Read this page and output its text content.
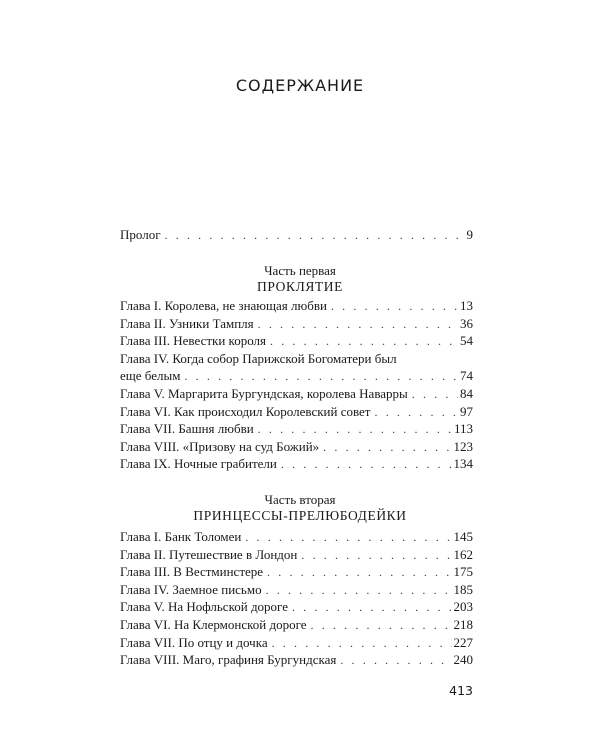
СОДЕРЖАНИЕ
Пролог . . .	9
Часть первая
ПРОКЛЯТИЕ
Глава I. Королева, не знающая любви . . .	13
Глава II. Узники Тампля . . .	36
Глава III. Невестки короля . . .	54
Глава IV. Когда собор Парижской Богоматери был
еще белым . . .	74
Глава V. Маргарита Бургундская, королева Наварры . . .	84
Глава VI. Как происходил Королевский совет . . .	97
Глава VII. Башня любви . . .	113
Глава VIII. «Призову на суд Божий» . . .	123
Глава IX. Ночные грабители . . .	134
Часть вторая
ПРИНЦЕССЫ-ПРЕЛЮБОДЕЙКИ
Глава I. Банк Толомеи . . .	145
Глава II. Путешествие в Лондон . . .	162
Глава III. В Вестминстере . . .	175
Глава IV. Заемное письмо . . .	185
Глава V. На Нофльской дороге . . .	203
Глава VI. На Клермонской дороге . . .	218
Глава VII. По отцу и дочка . . .	227
Глава VIII. Маго, графиня Бургундская . . .	240
413
